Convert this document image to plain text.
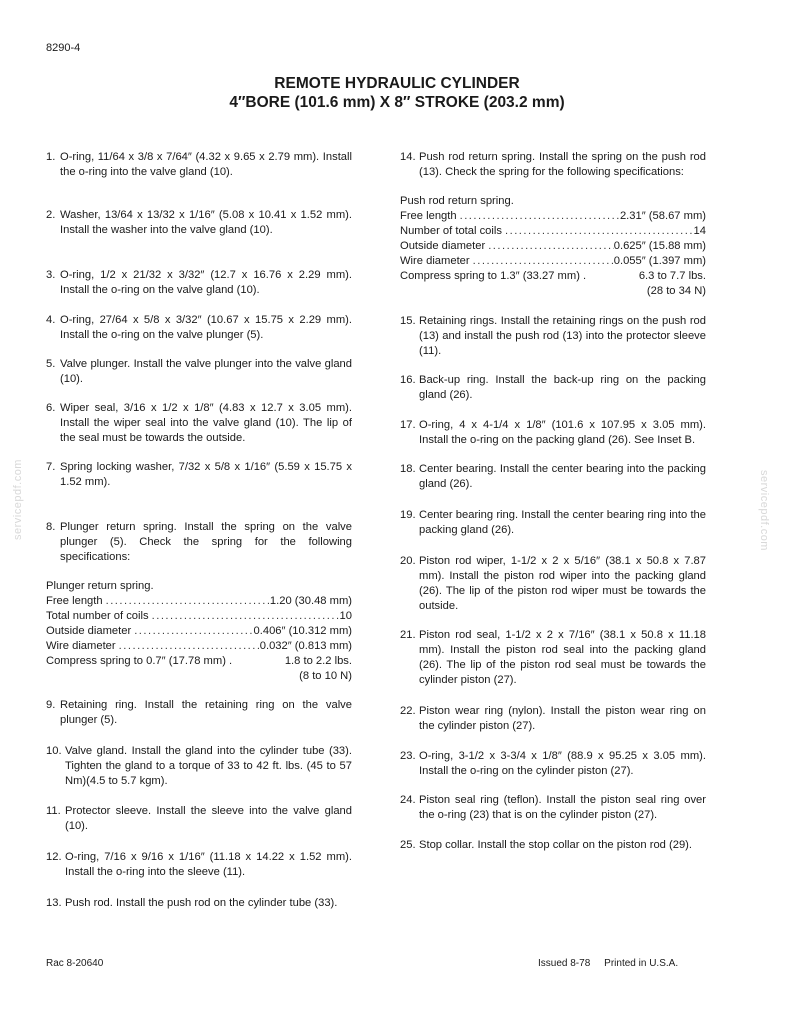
8290-4
REMOTE HYDRAULIC CYLINDER
4″BORE (101.6 mm) X 8″ STROKE (203.2 mm)
1. O-ring, 11/64 x 3/8 x 7/64″ (4.32 x 9.65 x 2.79 mm). Install the o-ring into the valve gland (10).
2. Washer, 13/64 x 13/32 x 1/16″ (5.08 x 10.41 x 1.52 mm). Install the washer into the valve gland (10).
3. O-ring, 1/2 x 21/32 x 3/32″ (12.7 x 16.76 x 2.29 mm). Install the o-ring on the valve gland (10).
4. O-ring, 27/64 x 5/8 x 3/32″ (10.67 x 15.75 x 2.29 mm). Install the o-ring on the valve plunger (5).
5. Valve plunger. Install the valve plunger into the valve gland (10).
6. Wiper seal, 3/16 x 1/2 x 1/8″ (4.83 x 12.7 x 3.05 mm). Install the wiper seal into the valve gland (10). The lip of the seal must be towards the outside.
7. Spring locking washer, 7/32 x 5/8 x 1/16″ (5.59 x 15.75 x 1.52 mm).
8. Plunger return spring. Install the spring on the valve plunger (5). Check the spring for the following specifications:
Plunger return spring.
Free length .....	1.20 (30.48 mm)
Total number of coils .....	10
Outside diameter .....	0.406″ (10.312 mm)
Wire diameter .....	0.032″ (0.813 mm)
Compress spring to 0.7″ (17.78 mm) .	1.8 to 2.2 lbs.
(8 to 10 N)
9. Retaining ring. Install the retaining ring on the valve plunger (5).
10. Valve gland. Install the gland into the cylinder tube (33). Tighten the gland to a torque of 33 to 42 ft. lbs. (45 to 57 Nm)(4.5 to 5.7 kgm).
11. Protector sleeve. Install the sleeve into the valve gland (10).
12. O-ring, 7/16 x 9/16 x 1/16″ (11.18 x 14.22 x 1.52 mm). Install the o-ring into the sleeve (11).
13. Push rod. Install the push rod on the cylinder tube (33).
14. Push rod return spring. Install the spring on the push rod (13). Check the spring for the following specifications:
Push rod return spring.
Free length .....	2.31″ (58.67 mm)
Number of total coils .....	14
Outside diameter .....	0.625″ (15.88 mm)
Wire diameter .....	0.055″ (1.397 mm)
Compress spring to 1.3″ (33.27 mm) .	6.3 to 7.7 lbs.
(28 to 34 N)
15. Retaining rings. Install the retaining rings on the push rod (13) and install the push rod (13) into the protector sleeve (11).
16. Back-up ring. Install the back-up ring on the packing gland (26).
17. O-ring, 4 x 4-1/4 x 1/8″ (101.6 x 107.95 x 3.05 mm). Install the o-ring on the packing gland (26). See Inset B.
18. Center bearing. Install the center bearing into the packing gland (26).
19. Center bearing ring. Install the center bearing ring into the packing gland (26).
20. Piston rod wiper, 1-1/2 x 2 x 5/16″ (38.1 x 50.8 x 7.87 mm). Install the piston rod wiper into the packing gland (26). The lip of the piston rod wiper must be towards the outside.
21. Piston rod seal, 1-1/2 x 2 x 7/16″ (38.1 x 50.8 x 11.18 mm). Install the piston rod seal into the packing gland (26). The lip of the piston rod seal must be towards the cylinder piston (27).
22. Piston wear ring (nylon). Install the piston wear ring on the cylinder piston (27).
23. O-ring, 3-1/2 x 3-3/4 x 1/8″ (88.9 x 95.25 x 3.05 mm). Install the o-ring on the cylinder piston (27).
24. Piston seal ring (teflon). Install the piston seal ring over the o-ring (23) that is on the cylinder piston (27).
25. Stop collar. Install the stop collar on the piston rod (29).
Rac 8-20640	Issued 8-78 Printed in U.S.A.
servicepdf.com	servicepdf.com
